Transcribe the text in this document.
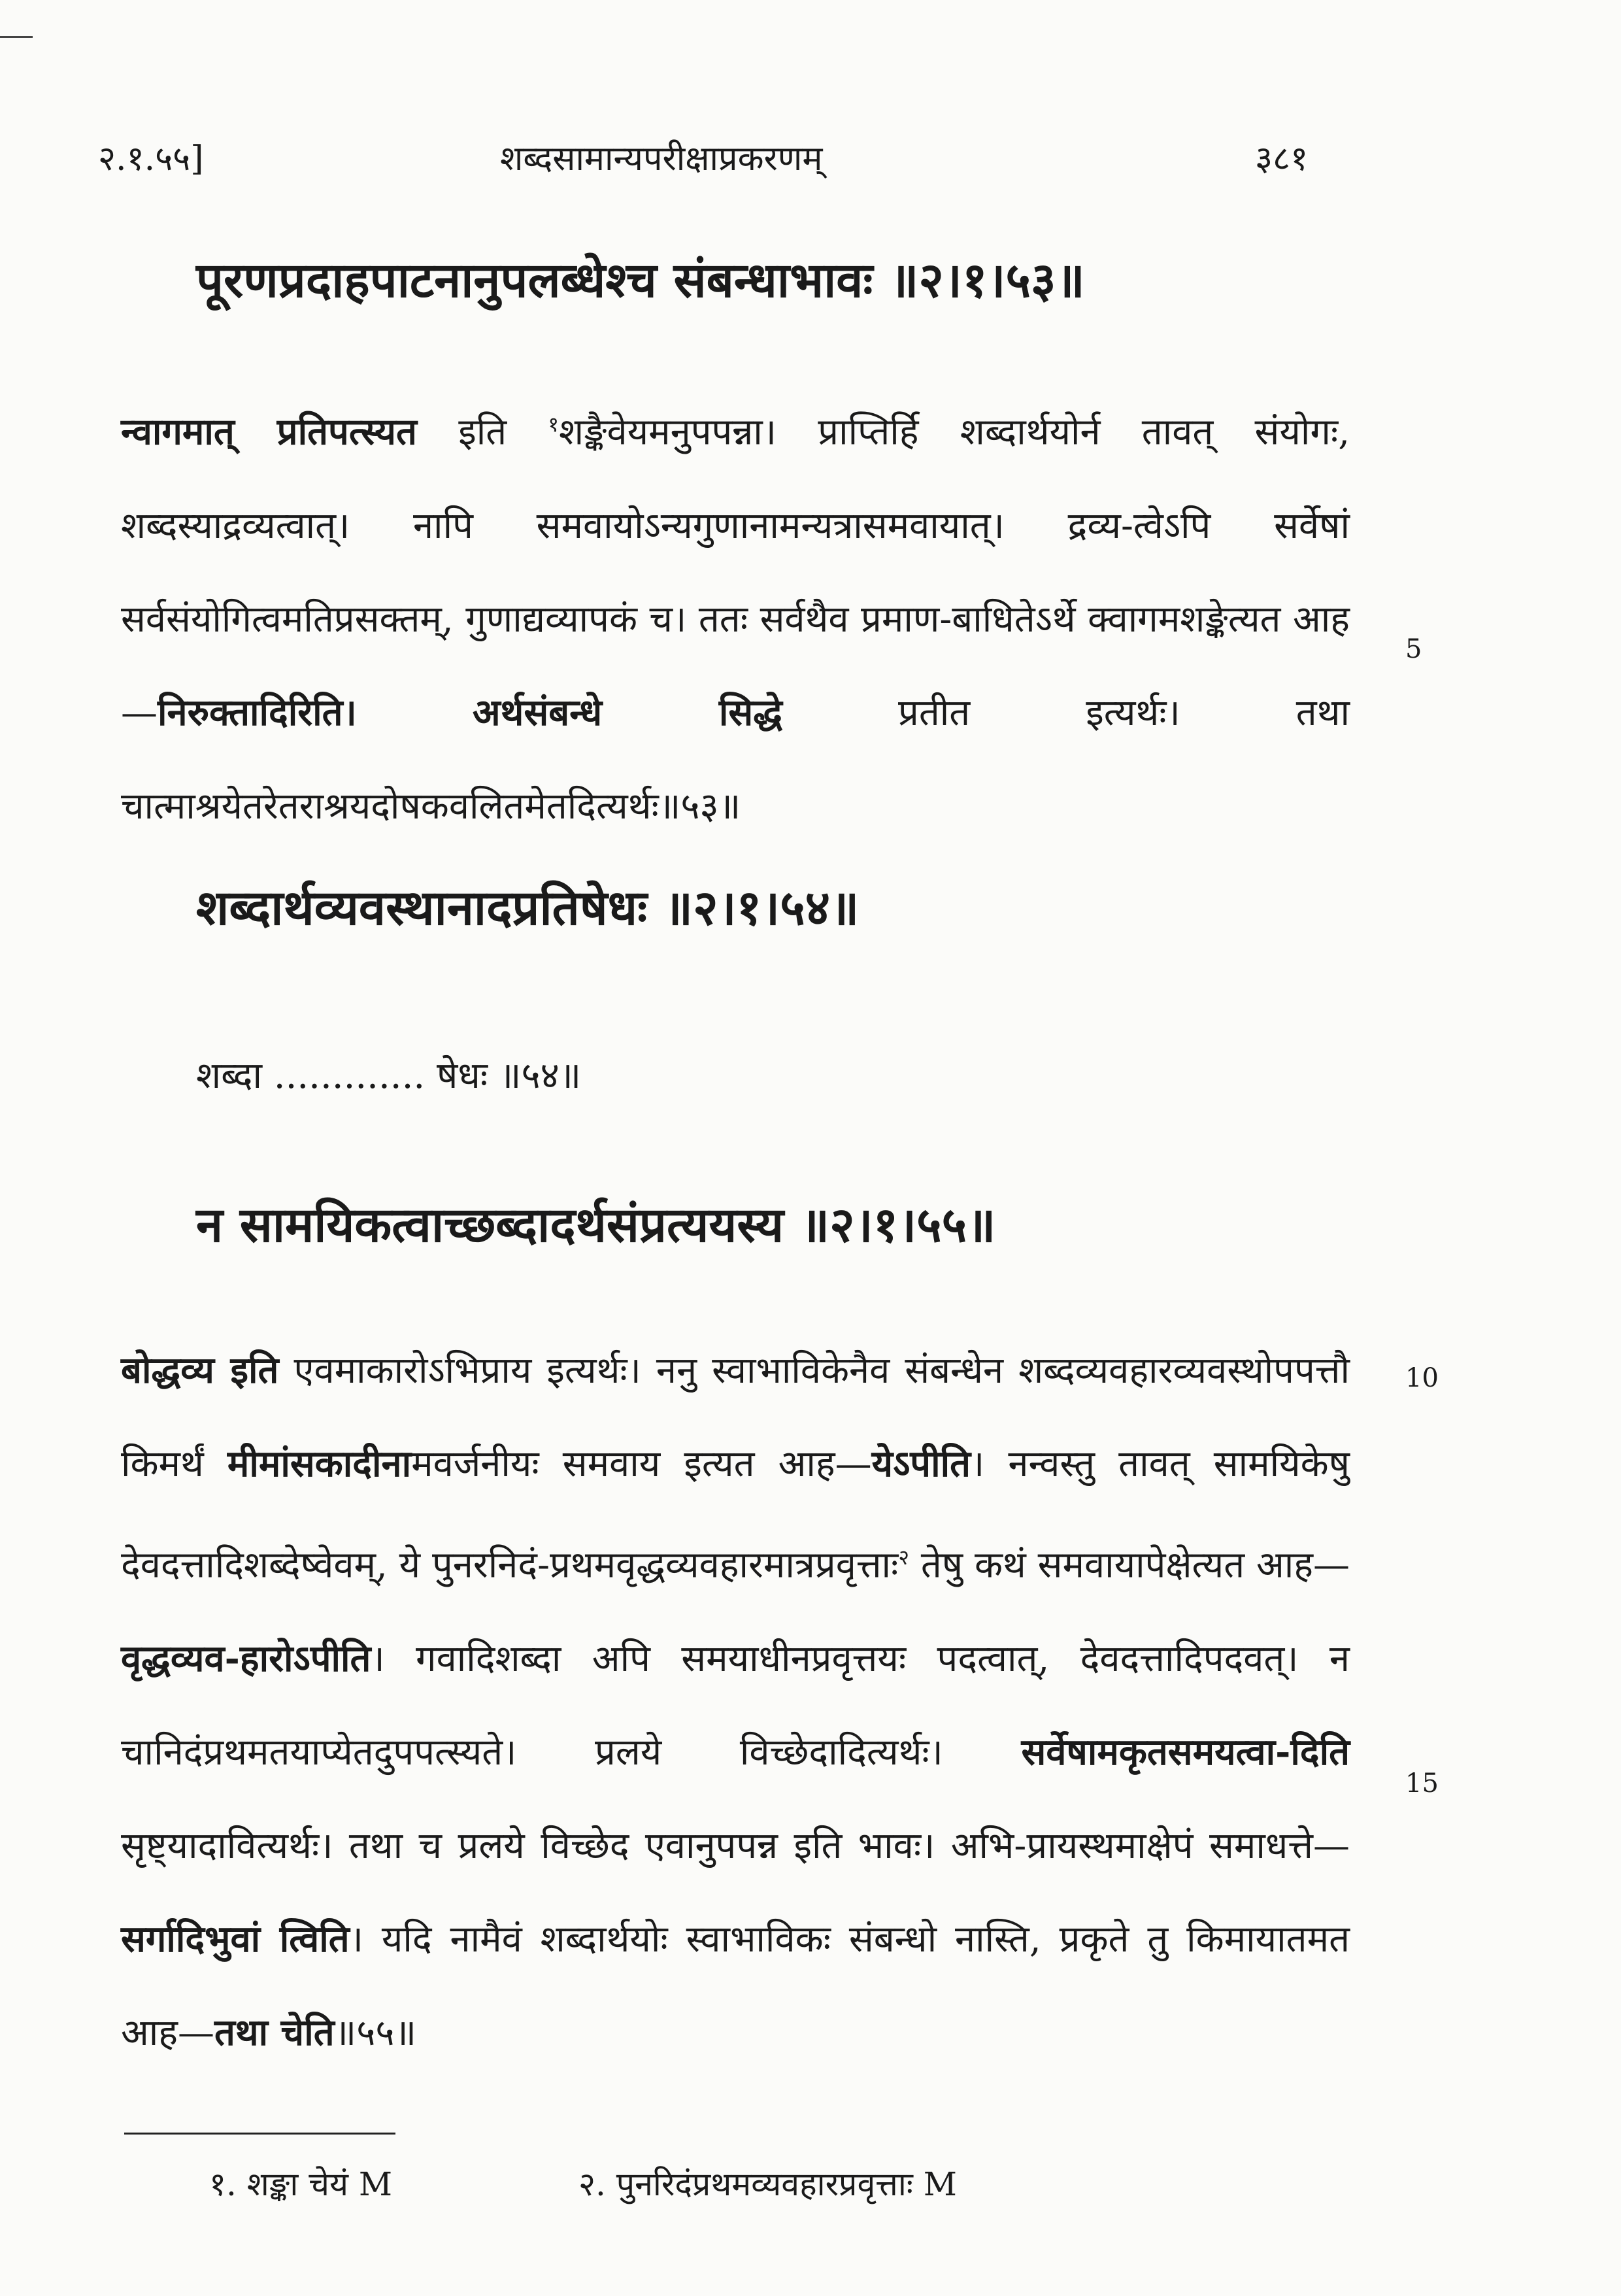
२.१.५५]	शब्दसामान्यपरीक्षाप्रकरणम्	३८१
पूरणप्रदाहपाटनानुपलब्धेश्च संबन्धाभावः ॥२।१।५३॥
न्वागमात् प्रतिपत्स्यत इति $^१$शङ्कैवेयमनुपपन्ना। प्राप्तिर्हि शब्दार्थयोर्न तावत् संयोगः, शब्दस्याद्रव्यत्वात्। नापि समवायोऽन्यगुणानामन्यत्रासमवायात्। द्रव्य-त्वेऽपि सर्वेषां सर्वसंयोगित्वमतिप्रसक्तम्, गुणाद्यव्यापकं च। ततः सर्वथैव प्रमाण-बाधितेऽर्थे क्वागमशङ्केत्यत आह—निरुक्तादिरिति।	अर्थसंबन्धे सिद्धे प्रतीत इत्यर्थः। तथा चात्माश्रयेतरेतराश्रयदोषकवलितमेतदित्यर्थः॥५३॥
5
शब्दार्थव्यवस्थानादप्रतिषेधः ॥२।१।५४॥
शब्दा ............. षेधः ॥५४॥
न सामयिकत्वाच्छब्दादर्थसंप्रत्ययस्य ॥२।१।५५॥
बोद्धव्य इति एवमाकारोऽभिप्राय इत्यर्थः। ननु स्वाभाविकेनैव संबन्धेन शब्दव्यवहारव्यवस्थोपपत्तौ किमर्थं मीमांसकादीनामवर्जनीयः समवाय इत्यत आह—येऽपीति। नन्वस्तु तावत् सामयिकेषु देवदत्तादिशब्देष्वेवम्, ये पुनरनिदं-प्रथमवृद्धव्यवहारमात्रप्रवृत्ताः$^२$ तेषु कथं समवायापेक्षेत्यत आह—वृद्धव्यव-हारोऽपीति। गवादिशब्दा अपि समयाधीनप्रवृत्तयः पदत्वात्, देवदत्तादिपदवत्। न चानिदंप्रथमतयाप्येतदुपपत्स्यते। प्रलये विच्छेदादित्यर्थः। सर्वेषामकृतसमयत्वा-दिति सृष्ट्यादावित्यर्थः। तथा च प्रलये विच्छेद एवानुपपन्न इति भावः। अभि-प्रायस्थमाक्षेपं समाधत्ते—सर्गादिभुवां त्विति। यदि नामैवं शब्दार्थयोः स्वाभाविकः संबन्धो नास्ति, प्रकृते तु किमायातमत आह—तथा चेति॥५५॥
10
15
१. शङ्का चेयं M	२. पुनरिदंप्रथमव्यवहारप्रवृत्ताः M
